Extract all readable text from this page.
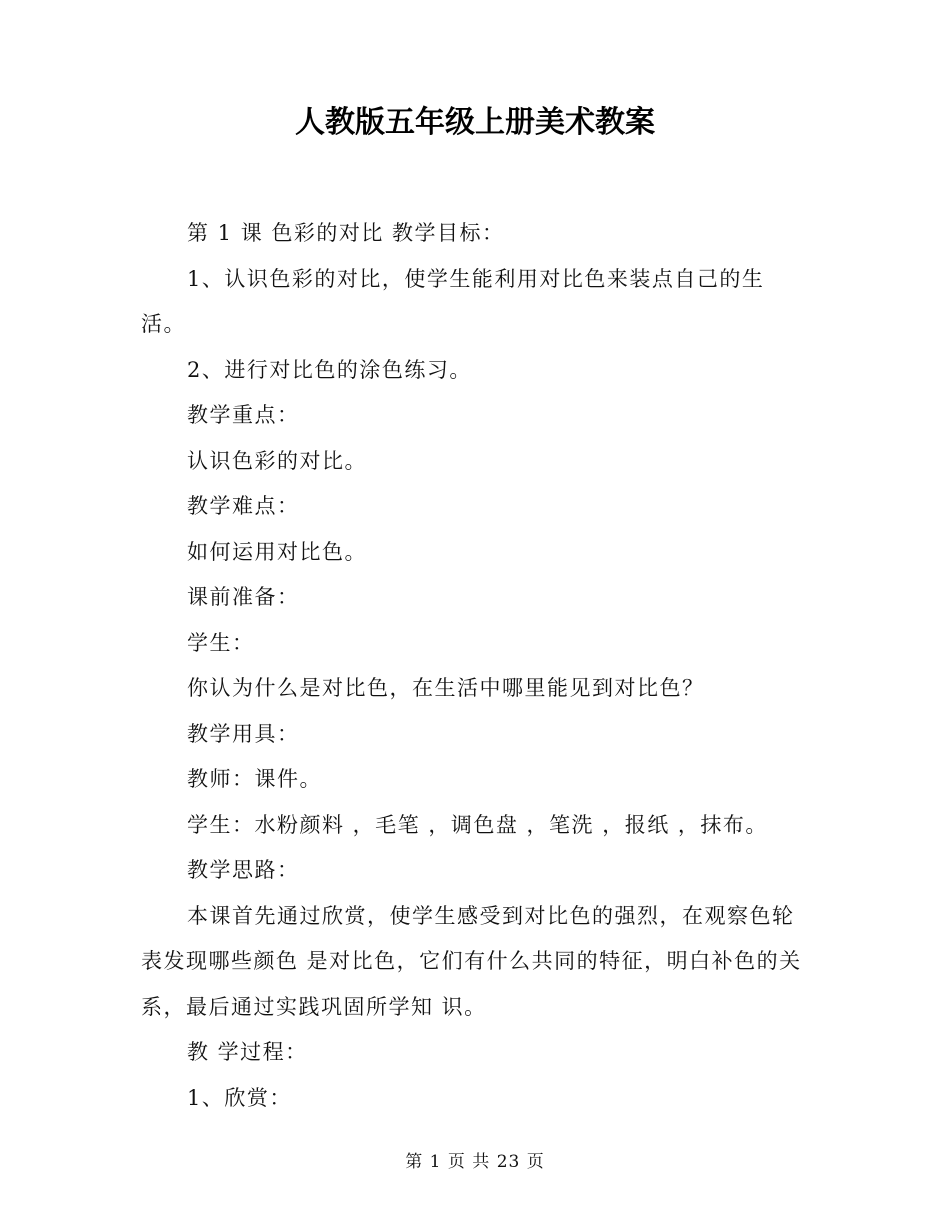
人教版五年级上册美术教案

第 1 课 色彩的对比 教学目标：

1、认识色彩的对比，使学生能利用对比色来装点自己的生活。

2、进行对比色的涂色练习。

教学重点：

认识色彩的对比。

教学难点：

如何运用对比色。

课前准备：

学生：

你认为什么是对比色，在生活中哪里能见到对比色？

教学用具：

教师：课件。

学生：水粉颜料 ，毛笔 ，调色盘 ，笔洗 ，报纸 ，抹布。

教学思路：

本课首先通过欣赏，使学生感受到对比色的强烈，在观察色轮表发现哪些颜色 是对比色，它们有什么共同的特征，明白补色的关系，最后通过实践巩固所学知 识。

教 学过程：

1、欣赏：

第 1 页 共 23 页
